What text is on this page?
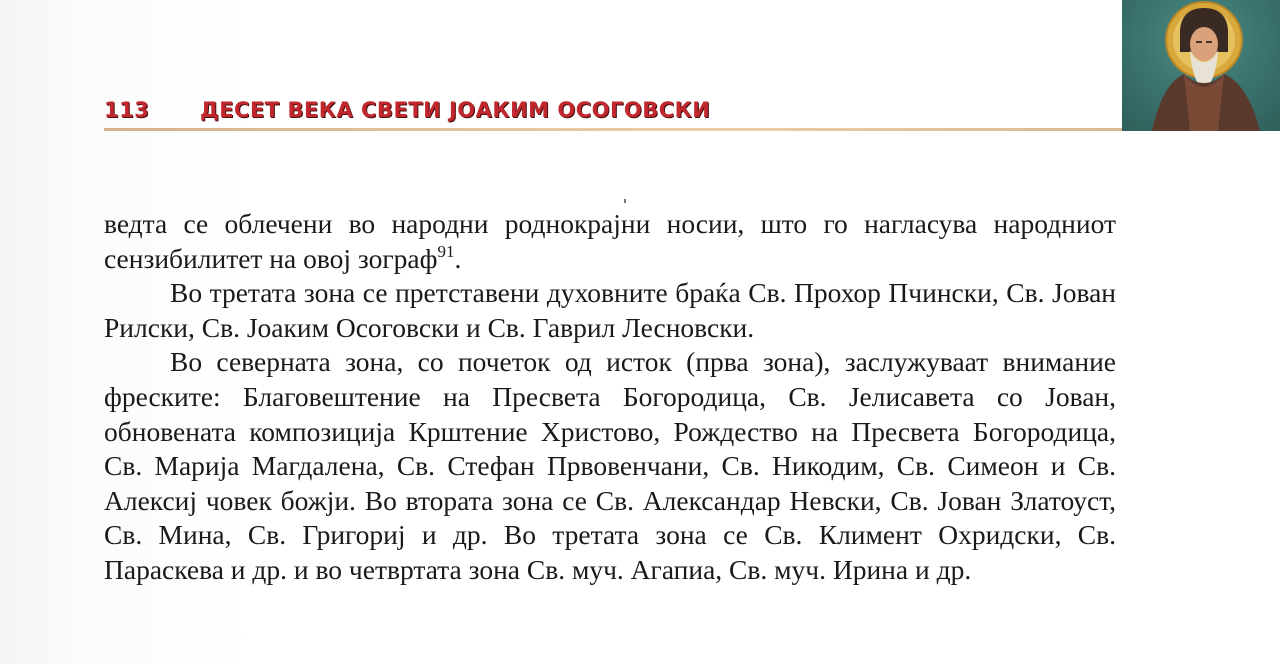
113	ДЕСЕТ ВЕКА СВЕТИ ЈОАКИМ ОСОГОВСКИ

ведта се облечени во народни роднокрајни носии, што го нагласува народниот сензибилитет на овој зограф$^{91}$.

Во третата зона се претставени духовните браќа Св. Прохор Пчински, Св. Јован Рилски, Св. Јоаким Осоговски и Св. Гаврил Лесновски.

Во северната зона, со почеток од исток (прва зона), заслужуваат внимание фреските: Благовештение на Пресвета Богородица, Св. Јелисавета со Јован, обновената композиција Крштение Христово, Рождество на Пресвета Богородица, Св. Марија Магдалена, Св. Стефан Првовенчани, Св. Никодим, Св. Симеон и Св. Алексиј човек божји. Во втората зона се Св. Александар Невски, Св. Јован Златоуст, Св. Мина, Св. Григориј и др. Во третата зона се Св. Климент Охридски, Св. Параскева и др. и во четвртата зона Св. муч. Агапиа, Св. муч. Ирина и др.
